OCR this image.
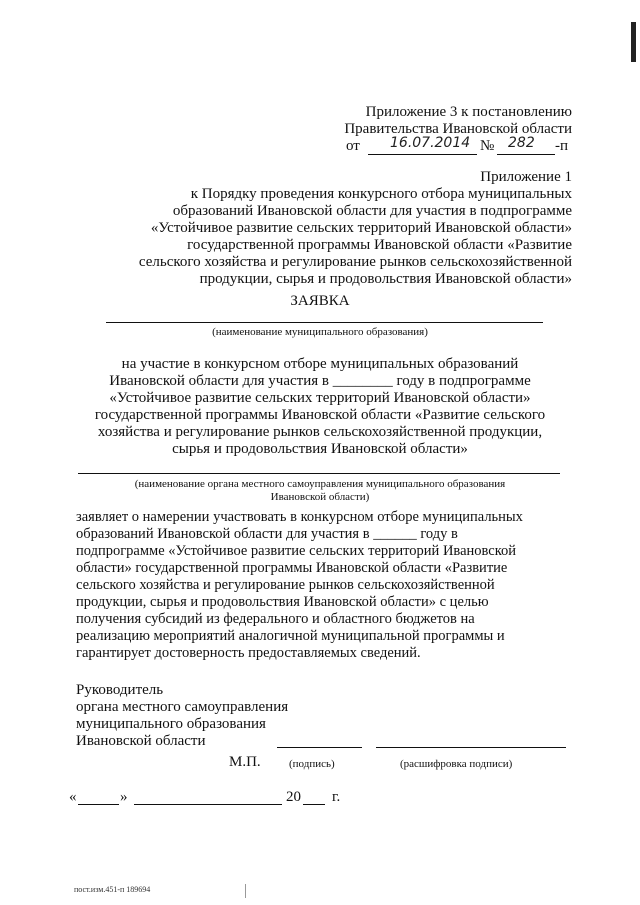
Приложение 3 к постановлению
Правительства Ивановской области
от 16.07.2014 № 282 -п
Приложение 1
к Порядку проведения конкурсного отбора муниципальных
образований Ивановской области для участия в подпрограмме
«Устойчивое развитие сельских территорий Ивановской области»
государственной программы Ивановской области «Развитие
сельского хозяйства и регулирование рынков сельскохозяйственной
продукции, сырья и продовольствия Ивановской области»
ЗАЯВКА
(наименование муниципального образования)
на участие в конкурсном отборе муниципальных образований
Ивановской области для участия в ________ году в подпрограмме
«Устойчивое развитие сельских территорий Ивановской области»
государственной программы Ивановской области «Развитие сельского
хозяйства и регулирование рынков сельскохозяйственной продукции,
сырья и продовольствия Ивановской области»
(наименование органа местного самоуправления муниципального образования
Ивановской области)
заявляет о намерении участвовать в конкурсном отборе муниципальных
образований Ивановской области для участия в ______ году в
подпрограмме «Устойчивое развитие сельских территорий Ивановской
области» государственной программы Ивановской области «Развитие
сельского хозяйства и регулирование рынков сельскохозяйственной
продукции, сырья и продовольствия Ивановской области» с целью
получения субсидий из федерального и областного бюджетов на
реализацию мероприятий аналогичной муниципальной программы и
гарантирует достоверность предоставляемых сведений.
Руководитель
органа местного самоуправления
муниципального образования
Ивановской области
М.П.	(подпись)	(расшифровка подписи)
«	»	20 г.
пост.изм.451-п 189694
